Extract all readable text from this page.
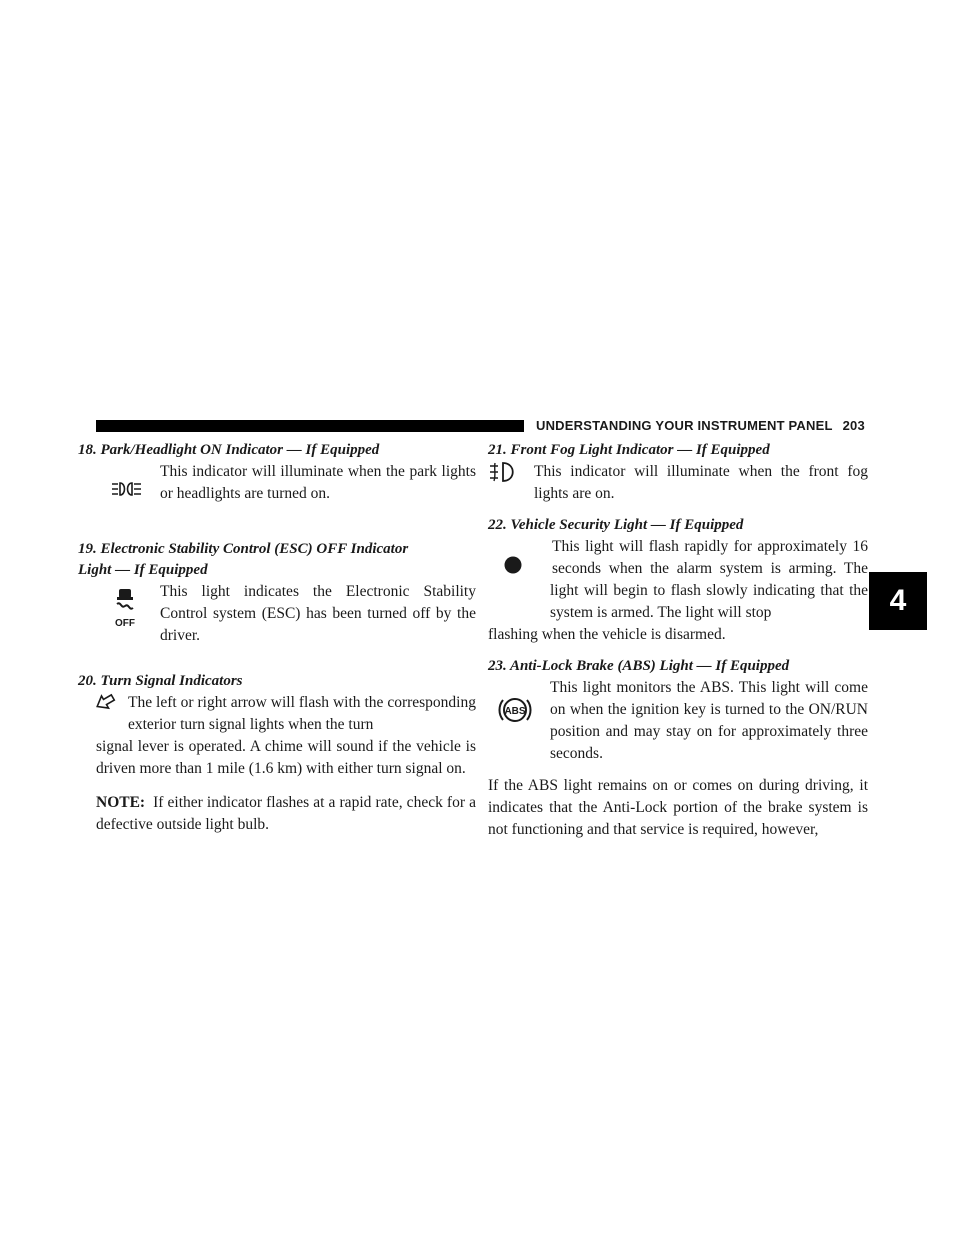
UNDERSTANDING YOUR INSTRUMENT PANEL 203
4
18. Park/Headlight ON Indicator — If Equipped

This indicator will illuminate when the park lights or headlights are turned on.

19. Electronic Stability Control (ESC) OFF Indicator
Light — If Equipped
OFF

This light indicates the Electronic Stability Control system (ESC) has been turned off by the driver.

20. Turn Signal Indicators

The left or right arrow will flash with the corresponding exterior turn signal lights when the turn

signal lever is operated. A chime will sound if the vehicle is driven more than 1 mile (1.6 km) with either turn signal on.

NOTE: If either indicator flashes at a rapid rate, check for a defective outside light bulb.

21. Front Fog Light Indicator — If Equipped

This indicator will illuminate when the front fog lights are on.

22. Vehicle Security Light — If Equipped

This light will flash rapidly for approximately 16 seconds when the alarm system is arming. The light will begin to flash slowly indicating that the system is armed. The light will stop

flashing when the vehicle is disarmed.

23. Anti-Lock Brake (ABS) Light — If Equipped
ABS

This light monitors the ABS. This light will come on when the ignition key is turned to the ON/RUN position and may stay on for approximately three seconds.

If the ABS light remains on or comes on during driving, it indicates that the Anti-Lock portion of the brake system is not functioning and that service is required, however,
